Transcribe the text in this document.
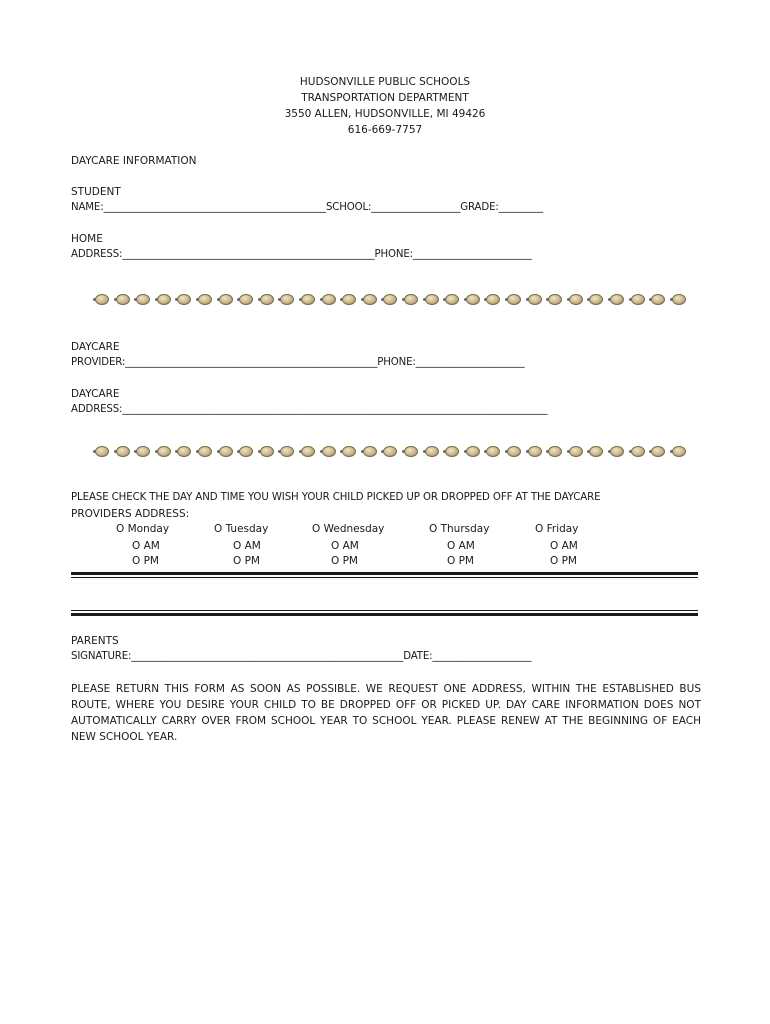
HUDSONVILLE PUBLIC SCHOOLS
TRANSPORTATION DEPARTMENT
3550 ALLEN, HUDSONVILLE, MI 49426
616-669-7757
DAYCARE INFORMATION
STUDENT
NAME:_____________________________________________SCHOOL:__________________GRADE:_________
HOME
ADDRESS:___________________________________________________PHONE:________________________
DAYCARE
PROVIDER:___________________________________________________PHONE:______________________
DAYCARE
ADDRESS:______________________________________________________________________________________
PLEASE CHECK THE DAY AND TIME YOU WISH YOUR CHILD PICKED UP OR DROPPED OFF AT THE DAYCARE
PROVIDERS ADDRESS:
O Monday
O AM
O PM
O Tuesday
O AM
O PM
O Wednesday
O AM
O PM
O Thursday
O AM
O PM
O Friday
O AM
O PM
PARENTS
SIGNATURE:_______________________________________________________DATE:____________________
PLEASE RETURN THIS FORM AS SOON AS POSSIBLE. WE REQUEST ONE ADDRESS, WITHIN THE ESTABLISHED BUS ROUTE, WHERE YOU DESIRE YOUR CHILD TO BE DROPPED OFF OR PICKED UP. DAY CARE INFORMATION DOES NOT AUTOMATICALLY CARRY OVER FROM SCHOOL YEAR TO SCHOOL YEAR. PLEASE RENEW AT THE BEGINNING OF EACH NEW SCHOOL YEAR.
